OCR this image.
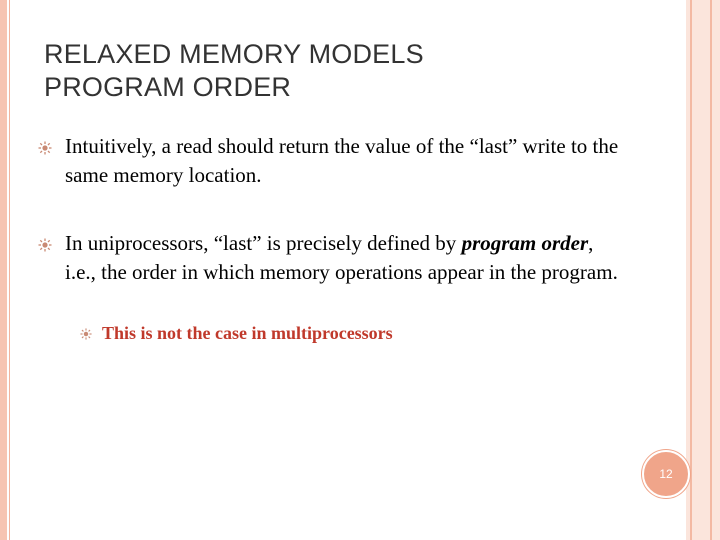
RELAXED MEMORY MODELS
PROGRAM ORDER
Intuitively, a read should return the value of the “last” write to the same memory location.
In uniprocessors, “last” is precisely defined by program order, i.e., the order in which memory operations appear in the program.
This is not the case in multiprocessors
12
